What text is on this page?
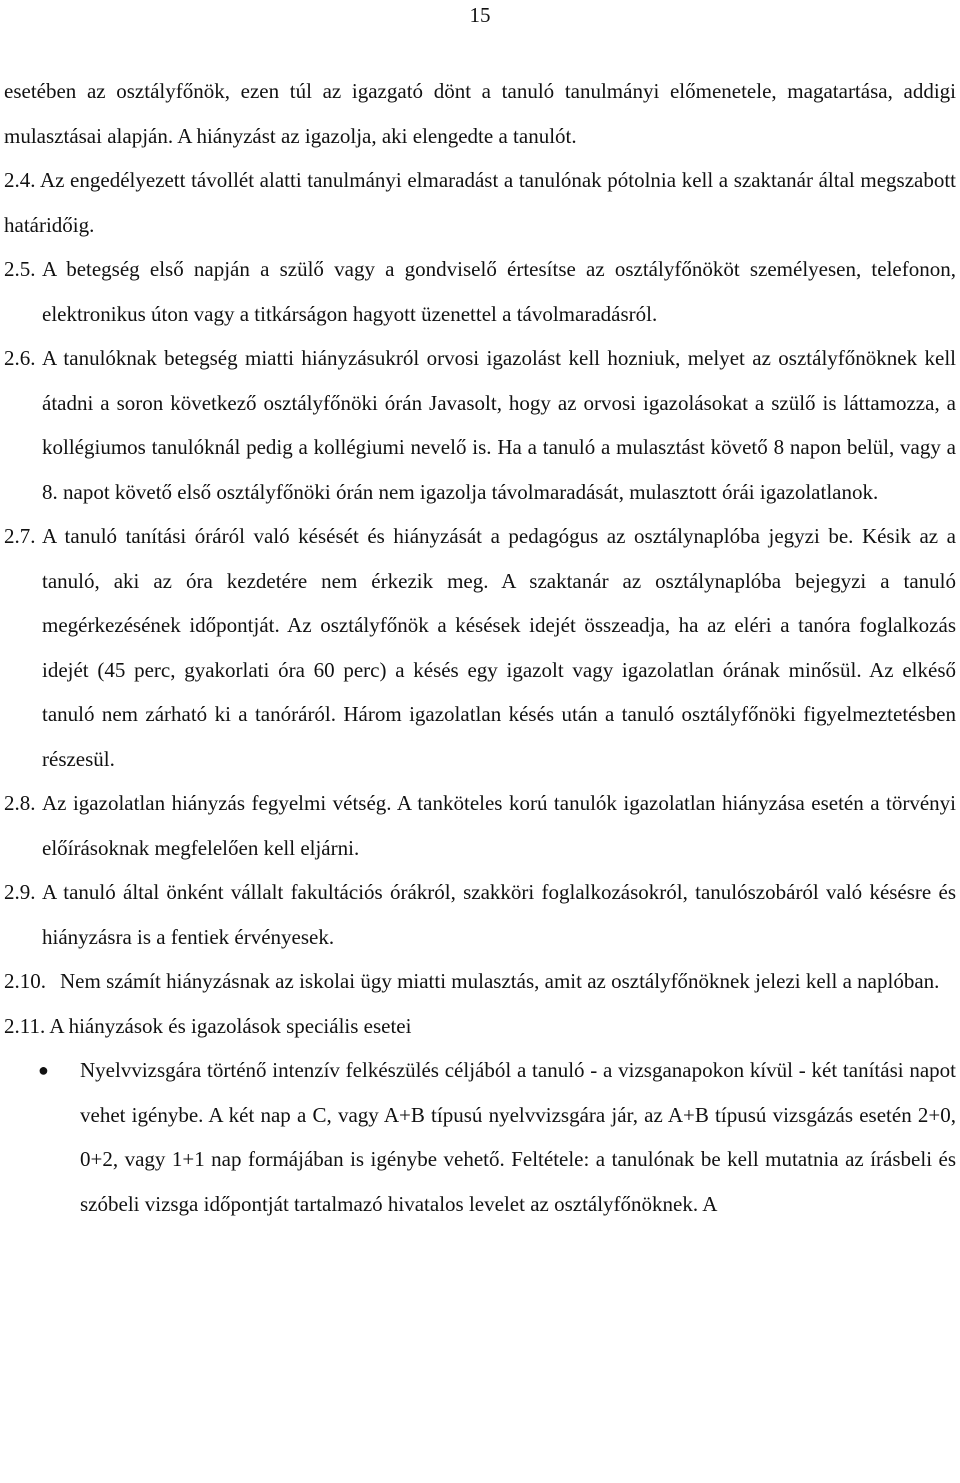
15

esetében az osztályfőnök, ezen túl az igazgató dönt a tanuló tanulmányi előmenetele, magatartása, addigi mulasztásai alapján. A hiányzást az igazolja, aki elengedte a tanulót.

2.4. Az engedélyezett távollét alatti tanulmányi elmaradást a tanulónak pótolnia kell a szaktanár által megszabott határidőig.

2.5. A betegség első napján a szülő vagy a gondviselő értesítse az osztályfőnököt személyesen, telefonon, elektronikus úton vagy a titkárságon hagyott üzenettel a távolmaradásról.

2.6. A tanulóknak betegség miatti hiányzásukról orvosi igazolást kell hozniuk, melyet az osztályfőnöknek kell átadni a soron következő osztályfőnöki órán Javasolt, hogy az orvosi igazolásokat a szülő is láttamozza, a kollégiumos tanulóknál pedig a kollégiumi nevelő is. Ha a tanuló a mulasztást követő 8 napon belül, vagy a 8. napot követő első osztályfőnöki órán nem igazolja távolmaradását, mulasztott órái igazolatlanok.

2.7. A tanuló tanítási óráról való késését és hiányzását a pedagógus az osztálynaplóba jegyzi be. Késik az a tanuló, aki az óra kezdetére nem érkezik meg. A szaktanár az osztálynaplóba bejegyzi a tanuló megérkezésének időpontját. Az osztályfőnök a késések idejét összeadja, ha az eléri a tanóra foglalkozás idejét (45 perc, gyakorlati óra 60 perc) a késés egy igazolt vagy igazolatlan órának minősül. Az elkéső tanuló nem zárható ki a tanóráról. Három igazolatlan késés után a tanuló osztályfőnöki figyelmeztetésben részesül.

2.8. Az igazolatlan hiányzás fegyelmi vétség. A tanköteles korú tanulók igazolatlan hiányzása esetén a törvényi előírásoknak megfelelően kell eljárni.

2.9. A tanuló által önként vállalt fakultációs órákról, szakköri foglalkozásokról, tanulószobáról való késésre és hiányzásra is a fentiek érvényesek.

2.10. Nem számít hiányzásnak az iskolai ügy miatti mulasztás, amit az osztályfőnöknek jelezi kell a naplóban.

2.11. A hiányzások és igazolások speciális esetei

● Nyelvvizsgára történő intenzív felkészülés céljából a tanuló - a vizsganapokon kívül - két tanítási napot vehet igénybe. A két nap a C, vagy A+B típusú nyelvvizsgára jár, az A+B típusú vizsgázás esetén 2+0, 0+2, vagy 1+1 nap formájában is igénybe vehető. Feltétele: a tanulónak be kell mutatnia az írásbeli és szóbeli vizsga időpontját tartalmazó hivatalos levelet az osztályfőnöknek. A
